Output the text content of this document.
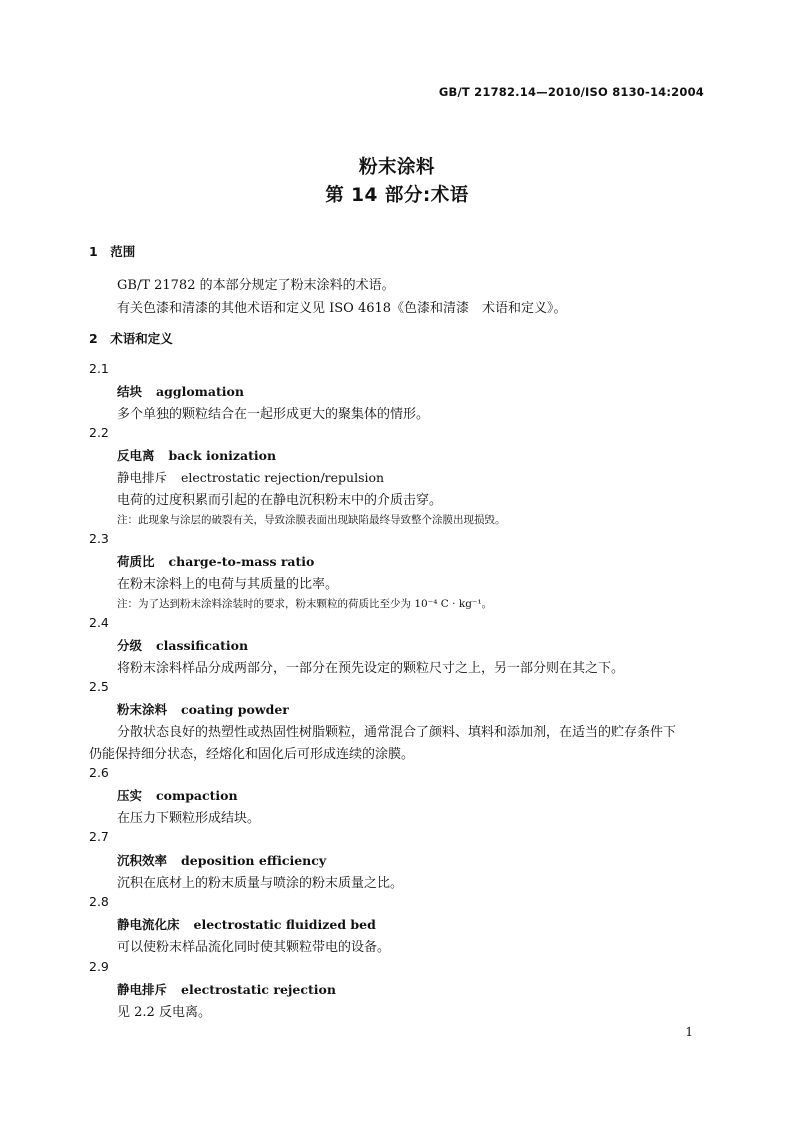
GB/T 21782.14—2010/ISO 8130-14:2004
粉末涂料
第 14 部分:术语
1　范围
GB/T 21782 的本部分规定了粉末涂料的术语。
有关色漆和清漆的其他术语和定义见 ISO 4618《色漆和清漆　术语和定义》。
2　术语和定义
2.1
结块 agglomation
多个单独的颗粒结合在一起形成更大的聚集体的情形。
2.2
反电离 back ionization
静电排斥 electrostatic rejection/repulsion
电荷的过度积累而引起的在静电沉积粉末中的介质击穿。
注：此现象与涂层的破裂有关，导致涂膜表面出现缺陷最终导致整个涂膜出现损毁。
2.3
荷质比 charge-to-mass ratio
在粉末涂料上的电荷与其质量的比率。
注：为了达到粉末涂料涂装时的要求，粉末颗粒的荷质比至少为 10⁻⁴ C · kg⁻¹。
2.4
分级 classification
将粉末涂料样品分成两部分，一部分在预先设定的颗粒尺寸之上，另一部分则在其之下。
2.5
粉末涂料 coating powder
分散状态良好的热塑性或热固性树脂颗粒，通常混合了颜料、填料和添加剂，在适当的贮存条件下
仍能保持细分状态，经熔化和固化后可形成连续的涂膜。
2.6
压实 compaction
在压力下颗粒形成结块。
2.7
沉积效率 deposition efficiency
沉积在底材上的粉末质量与喷涂的粉末质量之比。
2.8
静电流化床 electrostatic fluidized bed
可以使粉末样品流化同时使其颗粒带电的设备。
2.9
静电排斥 electrostatic rejection
见 2.2 反电离。
1
